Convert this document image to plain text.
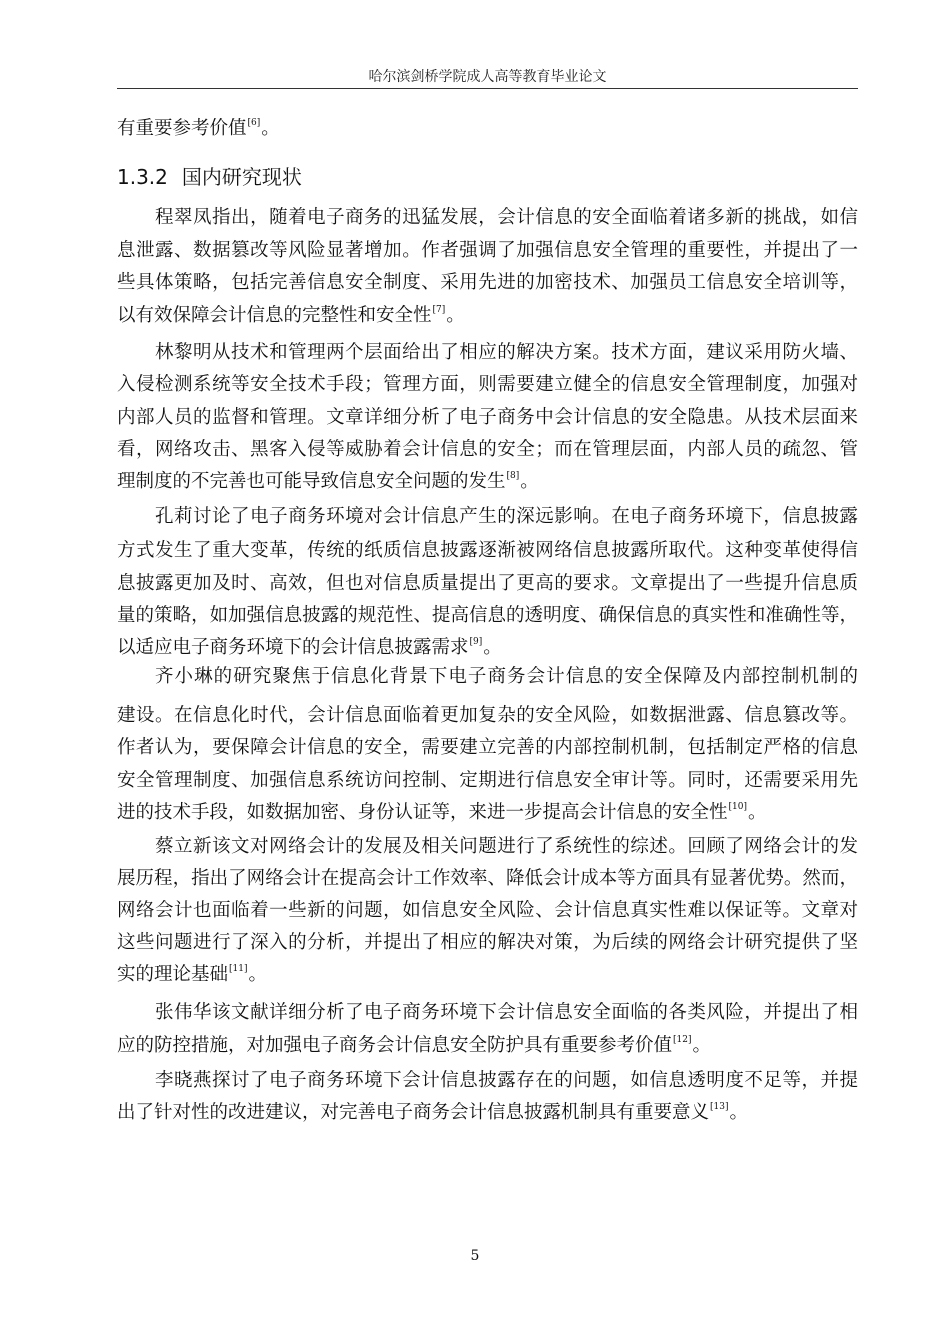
哈尔滨剑桥学院成人高等教育毕业论文
有重要参考价值[6]。
1.3.2 国内研究现状
程翠凤指出，随着电子商务的迅猛发展，会计信息的安全面临着诸多新的挑战，如信
息泄露、数据篡改等风险显著增加。作者强调了加强信息安全管理的重要性，并提出了一
些具体策略，包括完善信息安全制度、采用先进的加密技术、加强员工信息安全培训等，
以有效保障会计信息的完整性和安全性[7]。
林黎明从技术和管理两个层面给出了相应的解决方案。技术方面，建议采用防火墙、
入侵检测系统等安全技术手段；管理方面，则需要建立健全的信息安全管理制度，加强对
内部人员的监督和管理。文章详细分析了电子商务中会计信息的安全隐患。从技术层面来
看，网络攻击、黑客入侵等威胁着会计信息的安全；而在管理层面，内部人员的疏忽、管
理制度的不完善也可能导致信息安全问题的发生[8]。
孔莉讨论了电子商务环境对会计信息产生的深远影响。在电子商务环境下，信息披露
方式发生了重大变革，传统的纸质信息披露逐渐被网络信息披露所取代。这种变革使得信
息披露更加及时、高效，但也对信息质量提出了更高的要求。文章提出了一些提升信息质
量的策略，如加强信息披露的规范性、提高信息的透明度、确保信息的真实性和准确性等，
以适应电子商务环境下的会计信息披露需求[9]。
齐小琳的研究聚焦于信息化背景下电子商务会计信息的安全保障及内部控制机制的
建设。在信息化时代，会计信息面临着更加复杂的安全风险，如数据泄露、信息篡改等。
作者认为，要保障会计信息的安全，需要建立完善的内部控制机制，包括制定严格的信息
安全管理制度、加强信息系统访问控制、定期进行信息安全审计等。同时，还需要采用先
进的技术手段，如数据加密、身份认证等，来进一步提高会计信息的安全性[10]。
蔡立新该文对网络会计的发展及相关问题进行了系统性的综述。回顾了网络会计的发
展历程，指出了网络会计在提高会计工作效率、降低会计成本等方面具有显著优势。然而，
网络会计也面临着一些新的问题，如信息安全风险、会计信息真实性难以保证等。文章对
这些问题进行了深入的分析，并提出了相应的解决对策，为后续的网络会计研究提供了坚
实的理论基础[11]。
张伟华该文献详细分析了电子商务环境下会计信息安全面临的各类风险，并提出了相
应的防控措施，对加强电子商务会计信息安全防护具有重要参考价值[12]。
李晓燕探讨了电子商务环境下会计信息披露存在的问题，如信息透明度不足等，并提
出了针对性的改进建议，对完善电子商务会计信息披露机制具有重要意义[13]。
5
